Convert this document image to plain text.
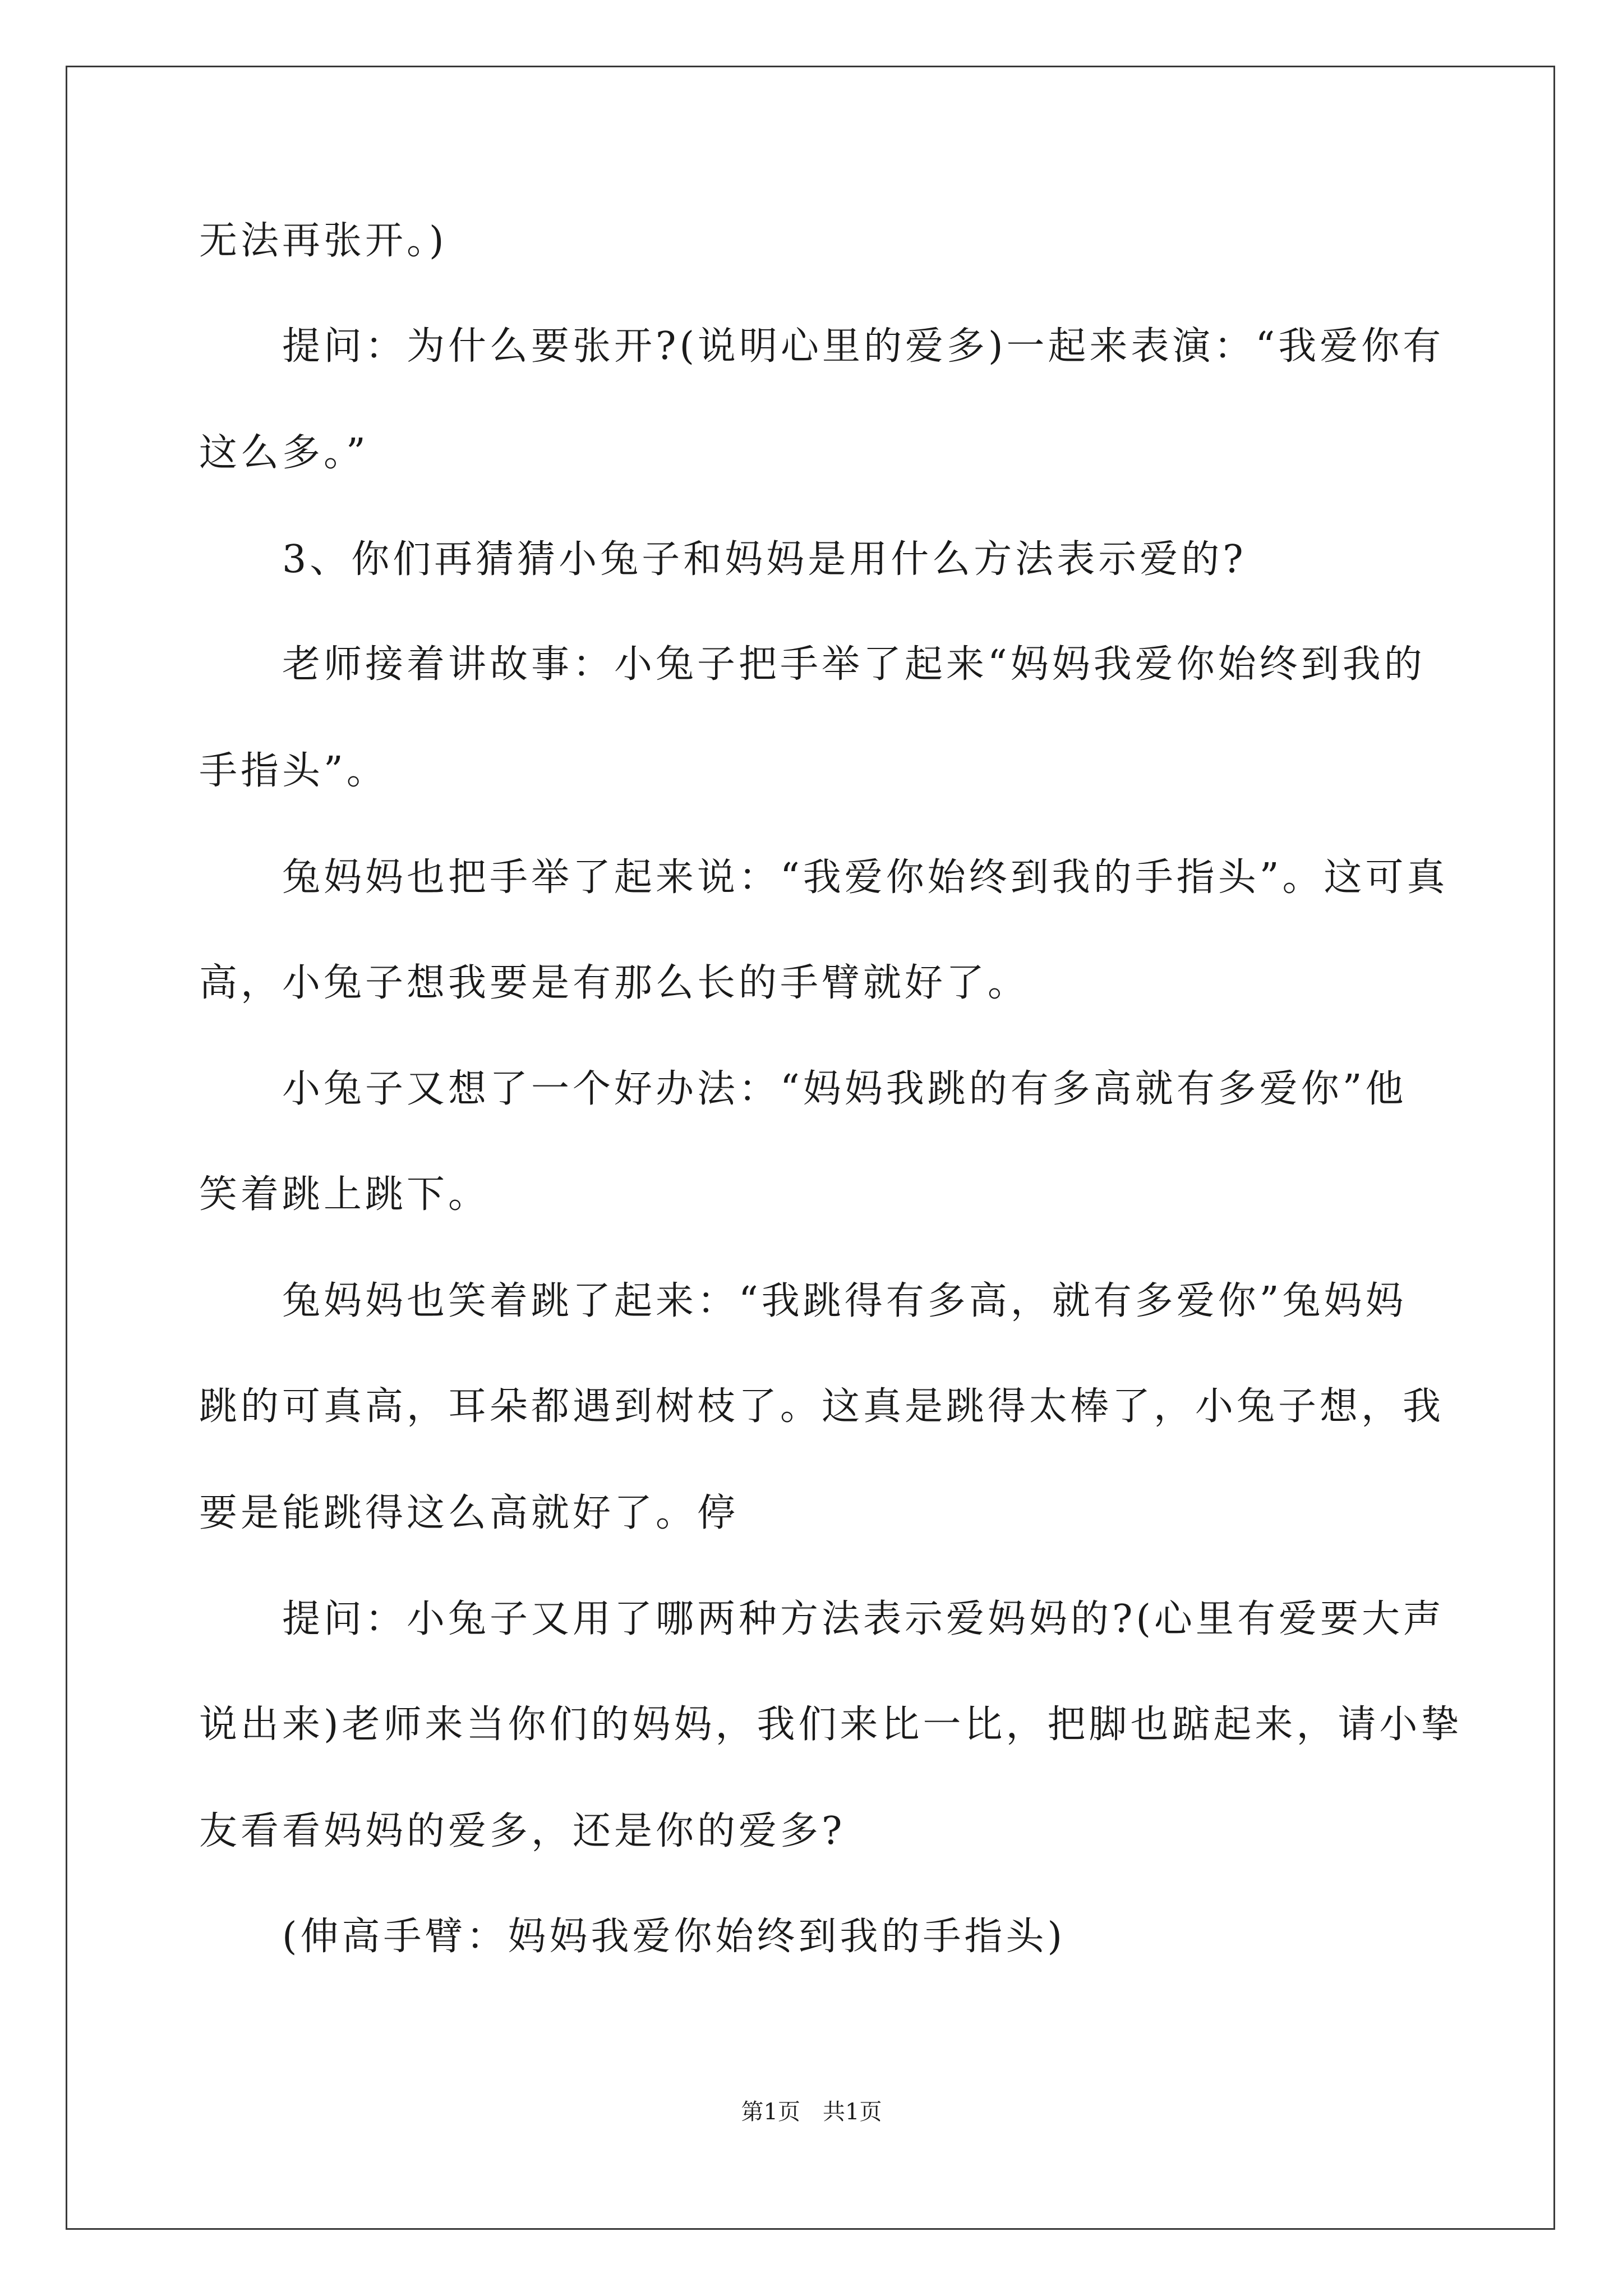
无法再张开。)
提问：为什么要张开?(说明心里的爱多)一起来表演：“我爱你有
这么多。”
3、你们再猜猜小兔子和妈妈是用什么方法表示爱的?
老师接着讲故事：小兔子把手举了起来“妈妈我爱你始终到我的
手指头”。
兔妈妈也把手举了起来说：“我爱你始终到我的手指头”。这可真
高，小兔子想我要是有那么长的手臂就好了。
小兔子又想了一个好办法：“妈妈我跳的有多高就有多爱你”他
笑着跳上跳下。
兔妈妈也笑着跳了起来：“我跳得有多高，就有多爱你”兔妈妈
跳的可真高，耳朵都遇到树枝了。这真是跳得太棒了，小兔子想，我
要是能跳得这么高就好了。停
提问：小兔子又用了哪两种方法表示爱妈妈的?(心里有爱要大声
说出来)老师来当你们的妈妈，我们来比一比，把脚也踮起来，请小挚
友看看妈妈的爱多，还是你的爱多?
(伸高手臂：妈妈我爱你始终到我的手指头)
第1页 共1页
